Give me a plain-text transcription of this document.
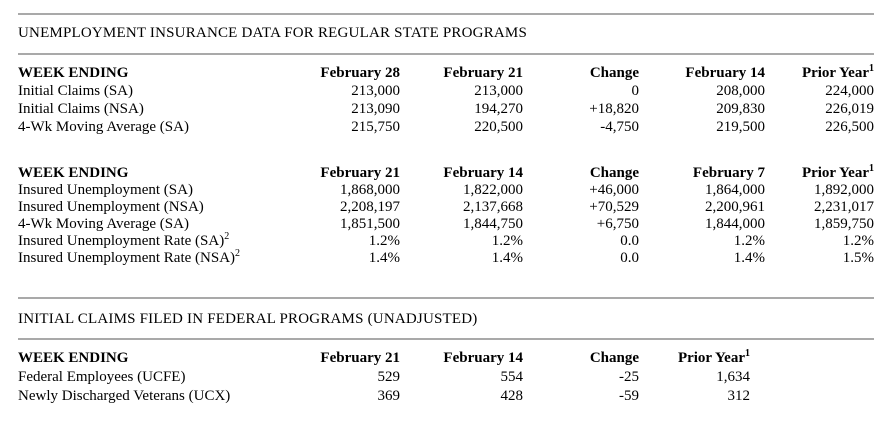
UNEMPLOYMENT INSURANCE DATA FOR REGULAR STATE PROGRAMS
WEEK ENDING	February 28	February 21	Change	February 14	Prior Year$^1$
Initial Claims (SA)	213,000	213,000	0	208,000	224,000
Initial Claims (NSA)	213,090	194,270	+18,820	209,830	226,019
4-Wk Moving Average (SA)	215,750	220,500	-4,750	219,500	226,500
WEEK ENDING	February 21	February 14	Change	February 7	Prior Year$^1$
Insured Unemployment (SA)	1,868,000	1,822,000	+46,000	1,864,000	1,892,000
Insured Unemployment (NSA)	2,208,197	2,137,668	+70,529	2,200,961	2,231,017
4-Wk Moving Average (SA)	1,851,500	1,844,750	+6,750	1,844,000	1,859,750
Insured Unemployment Rate (SA)$^2$	1.2%	1.2%	0.0	1.2%	1.2%
Insured Unemployment Rate (NSA)$^2$	1.4%	1.4%	0.0	1.4%	1.5%
INITIAL CLAIMS FILED IN FEDERAL PROGRAMS (UNADJUSTED)
WEEK ENDING	February 21	February 14	Change	Prior Year$^1$	
Federal Employees (UCFE)	529	554	-25	1,634	
Newly Discharged Veterans (UCX)	369	428	-59	312	
